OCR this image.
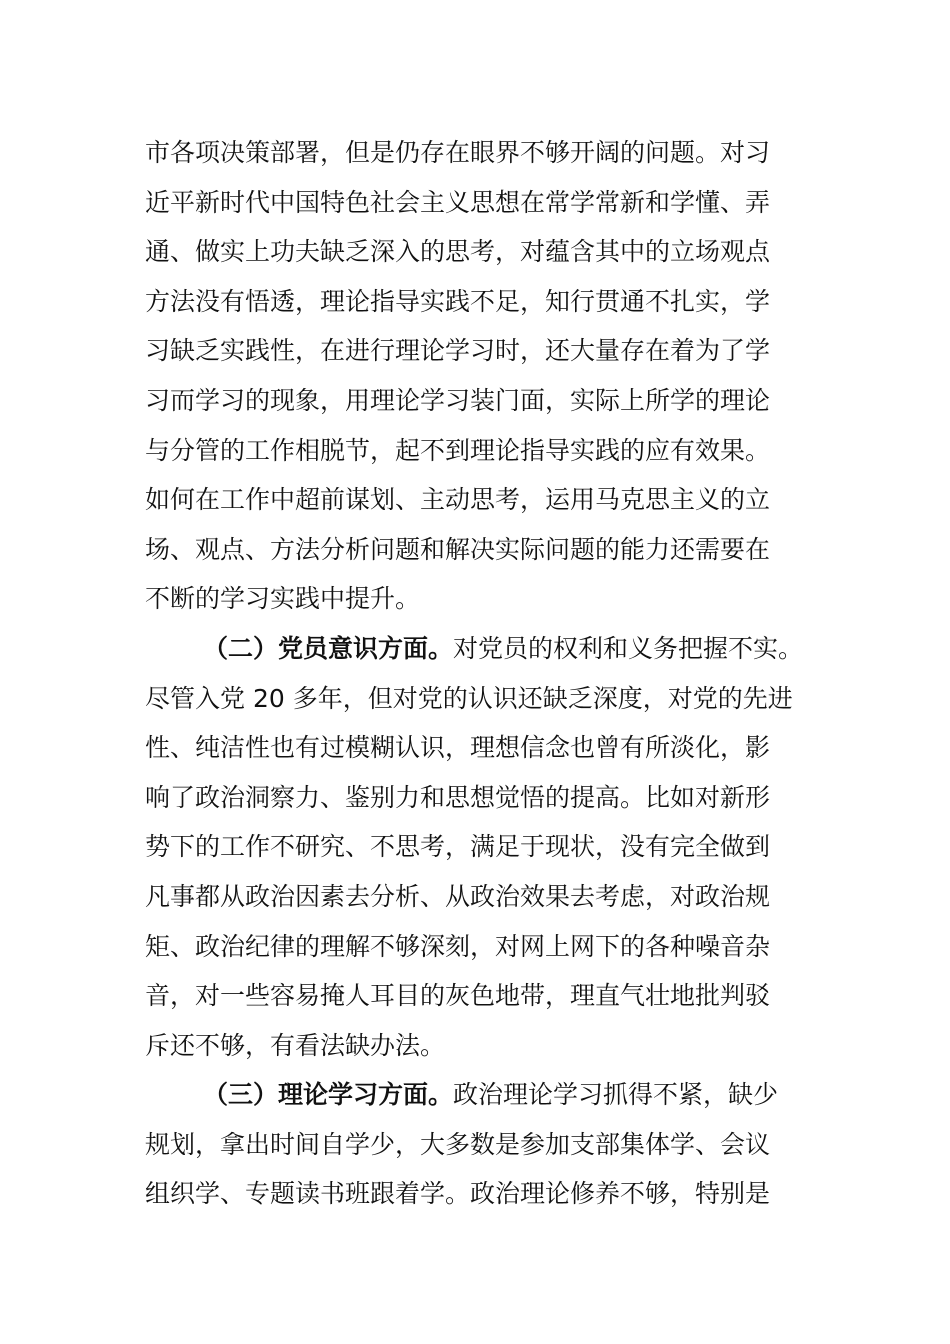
市各项决策部署，但是仍存在眼界不够开阔的问题。对习
近平新时代中国特色社会主义思想在常学常新和学懂、弄
通、做实上功夫缺乏深入的思考，对蕴含其中的立场观点
方法没有悟透，理论指导实践不足，知行贯通不扎实，学
习缺乏实践性，在进行理论学习时，还大量存在着为了学
习而学习的现象，用理论学习装门面，实际上所学的理论
与分管的工作相脱节，起不到理论指导实践的应有效果。
如何在工作中超前谋划、主动思考，运用马克思主义的立
场、观点、方法分析问题和解决实际问题的能力还需要在
不断的学习实践中提升。
（二）党员意识方面。对党员的权利和义务把握不实。
尽管入党 20 多年，但对党的认识还缺乏深度，对党的先进
性、纯洁性也有过模糊认识，理想信念也曾有所淡化，影
响了政治洞察力、鉴别力和思想觉悟的提高。比如对新形
势下的工作不研究、不思考，满足于现状，没有完全做到
凡事都从政治因素去分析、从政治效果去考虑，对政治规
矩、政治纪律的理解不够深刻，对网上网下的各种噪音杂
音，对一些容易掩人耳目的灰色地带，理直气壮地批判驳
斥还不够，有看法缺办法。
（三）理论学习方面。政治理论学习抓得不紧，缺少
规划，拿出时间自学少，大多数是参加支部集体学、会议
组织学、专题读书班跟着学。政治理论修养不够，特别是
